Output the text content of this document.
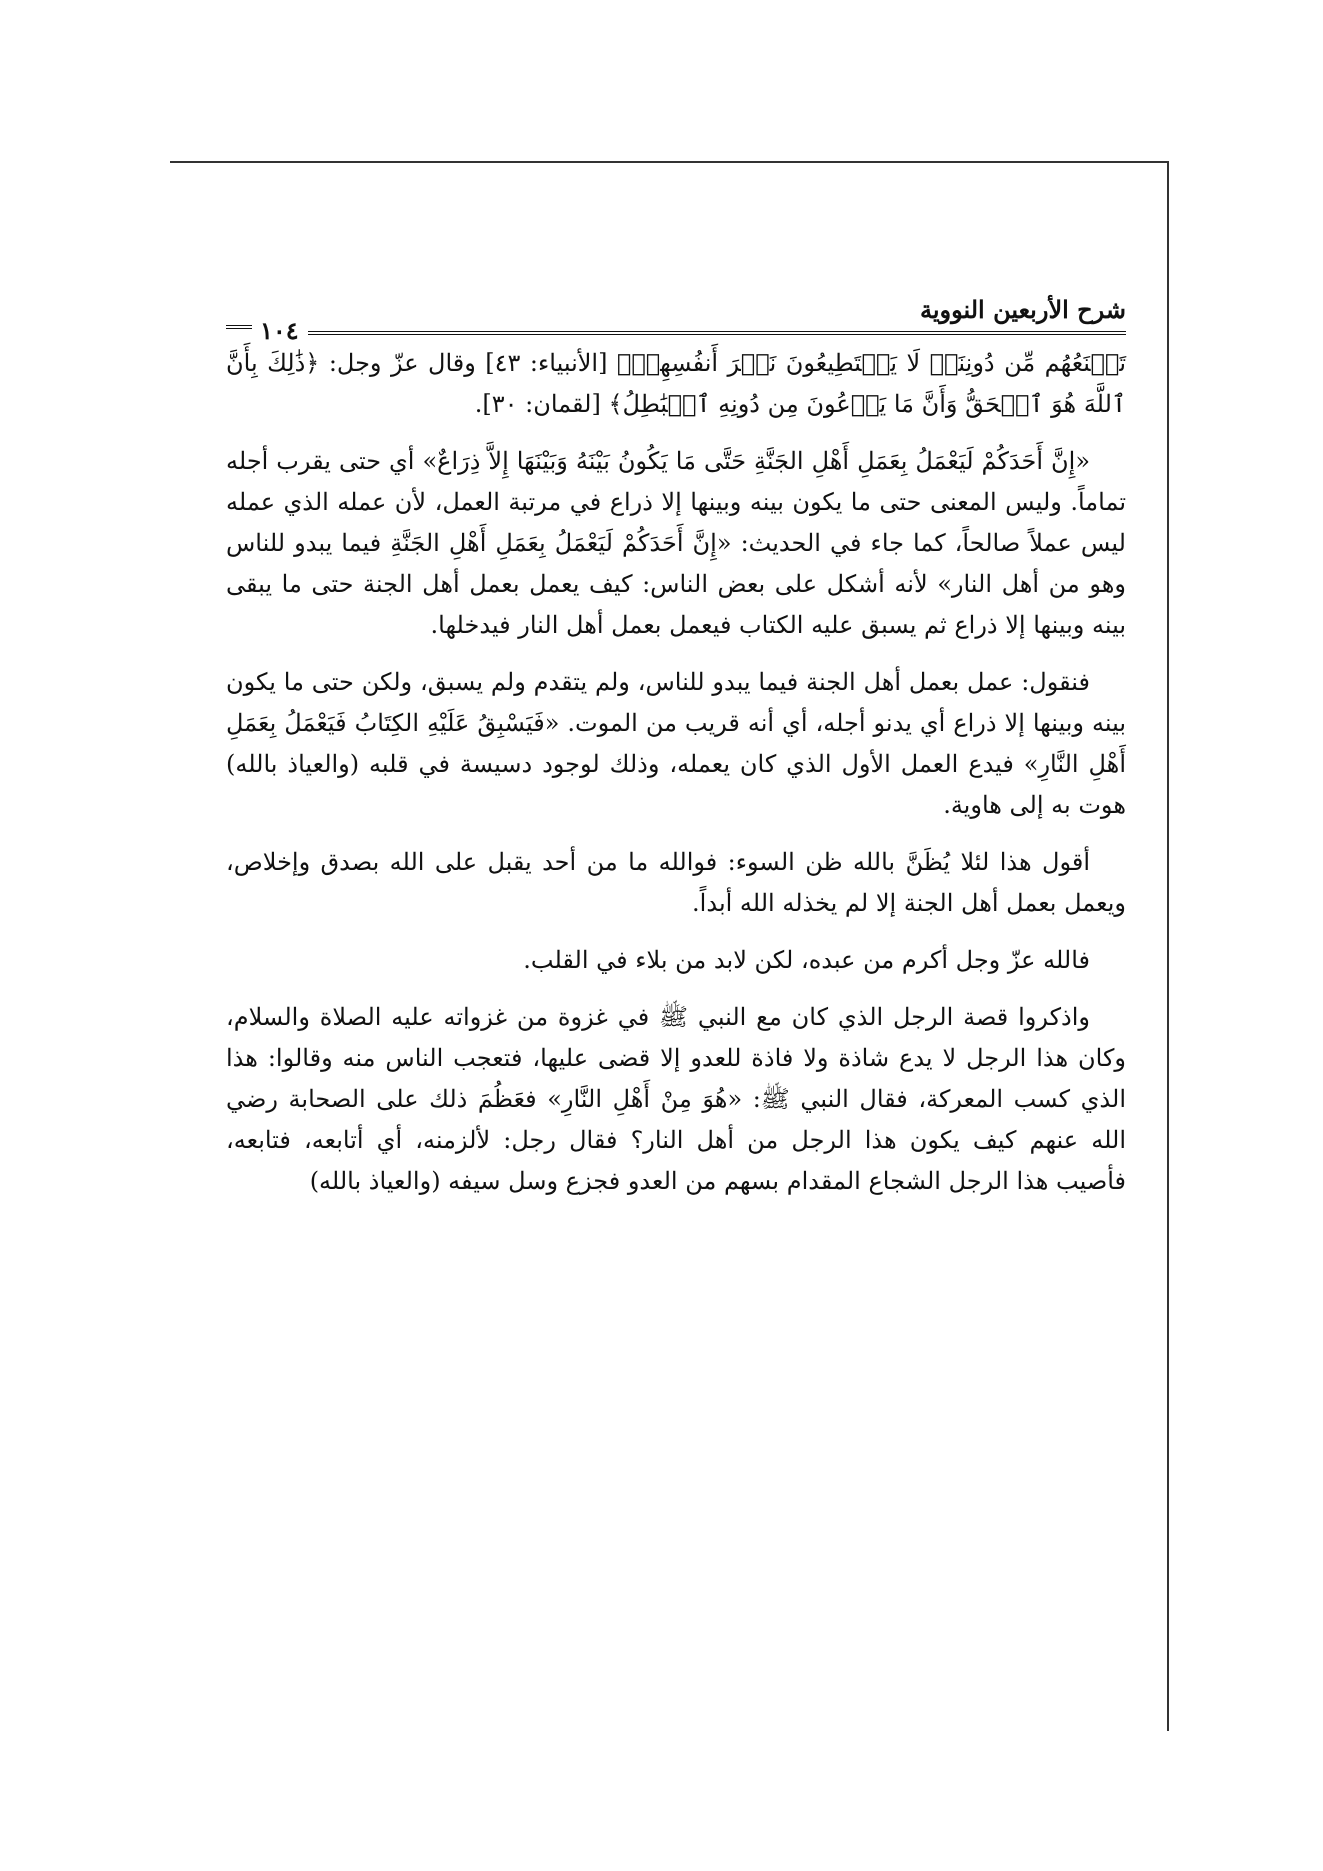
شرح الأربعين النووية
١٠٤

تَمۡنَعُهُم مِّن دُونِنَاۚ لَا يَسۡتَطِيعُونَ نَصۡرَ أَنفُسِهِمۡ﴾ [الأنبياء: ٤٣] وقال عزّ وجل: ﴿ذَٰلِكَ بِأَنَّ ٱللَّهَ هُوَ ٱلۡحَقُّ وَأَنَّ مَا يَدۡعُونَ مِن دُونِهِ ٱلۡبَٰطِلُ﴾ [لقمان: ٣٠].

«إِنَّ أَحَدَكُمْ لَيَعْمَلُ بِعَمَلِ أَهْلِ الجَنَّةِ حَتَّى مَا يَكُونُ بَيْنَهُ وَبَيْنَهَا إِلاَّ ذِرَاعٌ» أي حتى يقرب أجله تماماً. وليس المعنى حتى ما يكون بينه وبينها إلا ذراع في مرتبة العمل، لأن عمله الذي عمله ليس عملاً صالحاً، كما جاء في الحديث: «إِنَّ أَحَدَكُمْ لَيَعْمَلُ بِعَمَلِ أَهْلِ الجَنَّةِ فيما يبدو للناس وهو من أهل النار» لأنه أشكل على بعض الناس: كيف يعمل بعمل أهل الجنة حتى ما يبقى بينه وبينها إلا ذراع ثم يسبق عليه الكتاب فيعمل بعمل أهل النار فيدخلها.

فنقول: عمل بعمل أهل الجنة فيما يبدو للناس، ولم يتقدم ولم يسبق، ولكن حتى ما يكون بينه وبينها إلا ذراع أي يدنو أجله، أي أنه قريب من الموت. «فَيَسْبِقُ عَلَيْهِ الكِتَابُ فَيَعْمَلُ بِعَمَلِ أَهْلِ النَّارِ» فيدع العمل الأول الذي كان يعمله، وذلك لوجود دسيسة في قلبه (والعياذ بالله) هوت به إلى هاوية.

أقول هذا لئلا يُظَنَّ بالله ظن السوء: فوالله ما من أحد يقبل على الله بصدق وإخلاص، ويعمل بعمل أهل الجنة إلا لم يخذله الله أبداً.

فالله عزّ وجل أكرم من عبده، لكن لابد من بلاء في القلب.

واذكروا قصة الرجل الذي كان مع النبي ﷺ في غزوة من غزواته عليه الصلاة والسلام، وكان هذا الرجل لا يدع شاذة ولا فاذة للعدو إلا قضى عليها، فتعجب الناس منه وقالوا: هذا الذي كسب المعركة، فقال النبي ﷺ: «هُوَ مِنْ أَهْلِ النَّارِ» فعَظُمَ ذلك على الصحابة رضي الله عنهم كيف يكون هذا الرجل من أهل النار؟ فقال رجل: لألزمنه، أي أتابعه، فتابعه، فأصيب هذا الرجل الشجاع المقدام بسهم من العدو فجزع وسل سيفه (والعياذ بالله)
